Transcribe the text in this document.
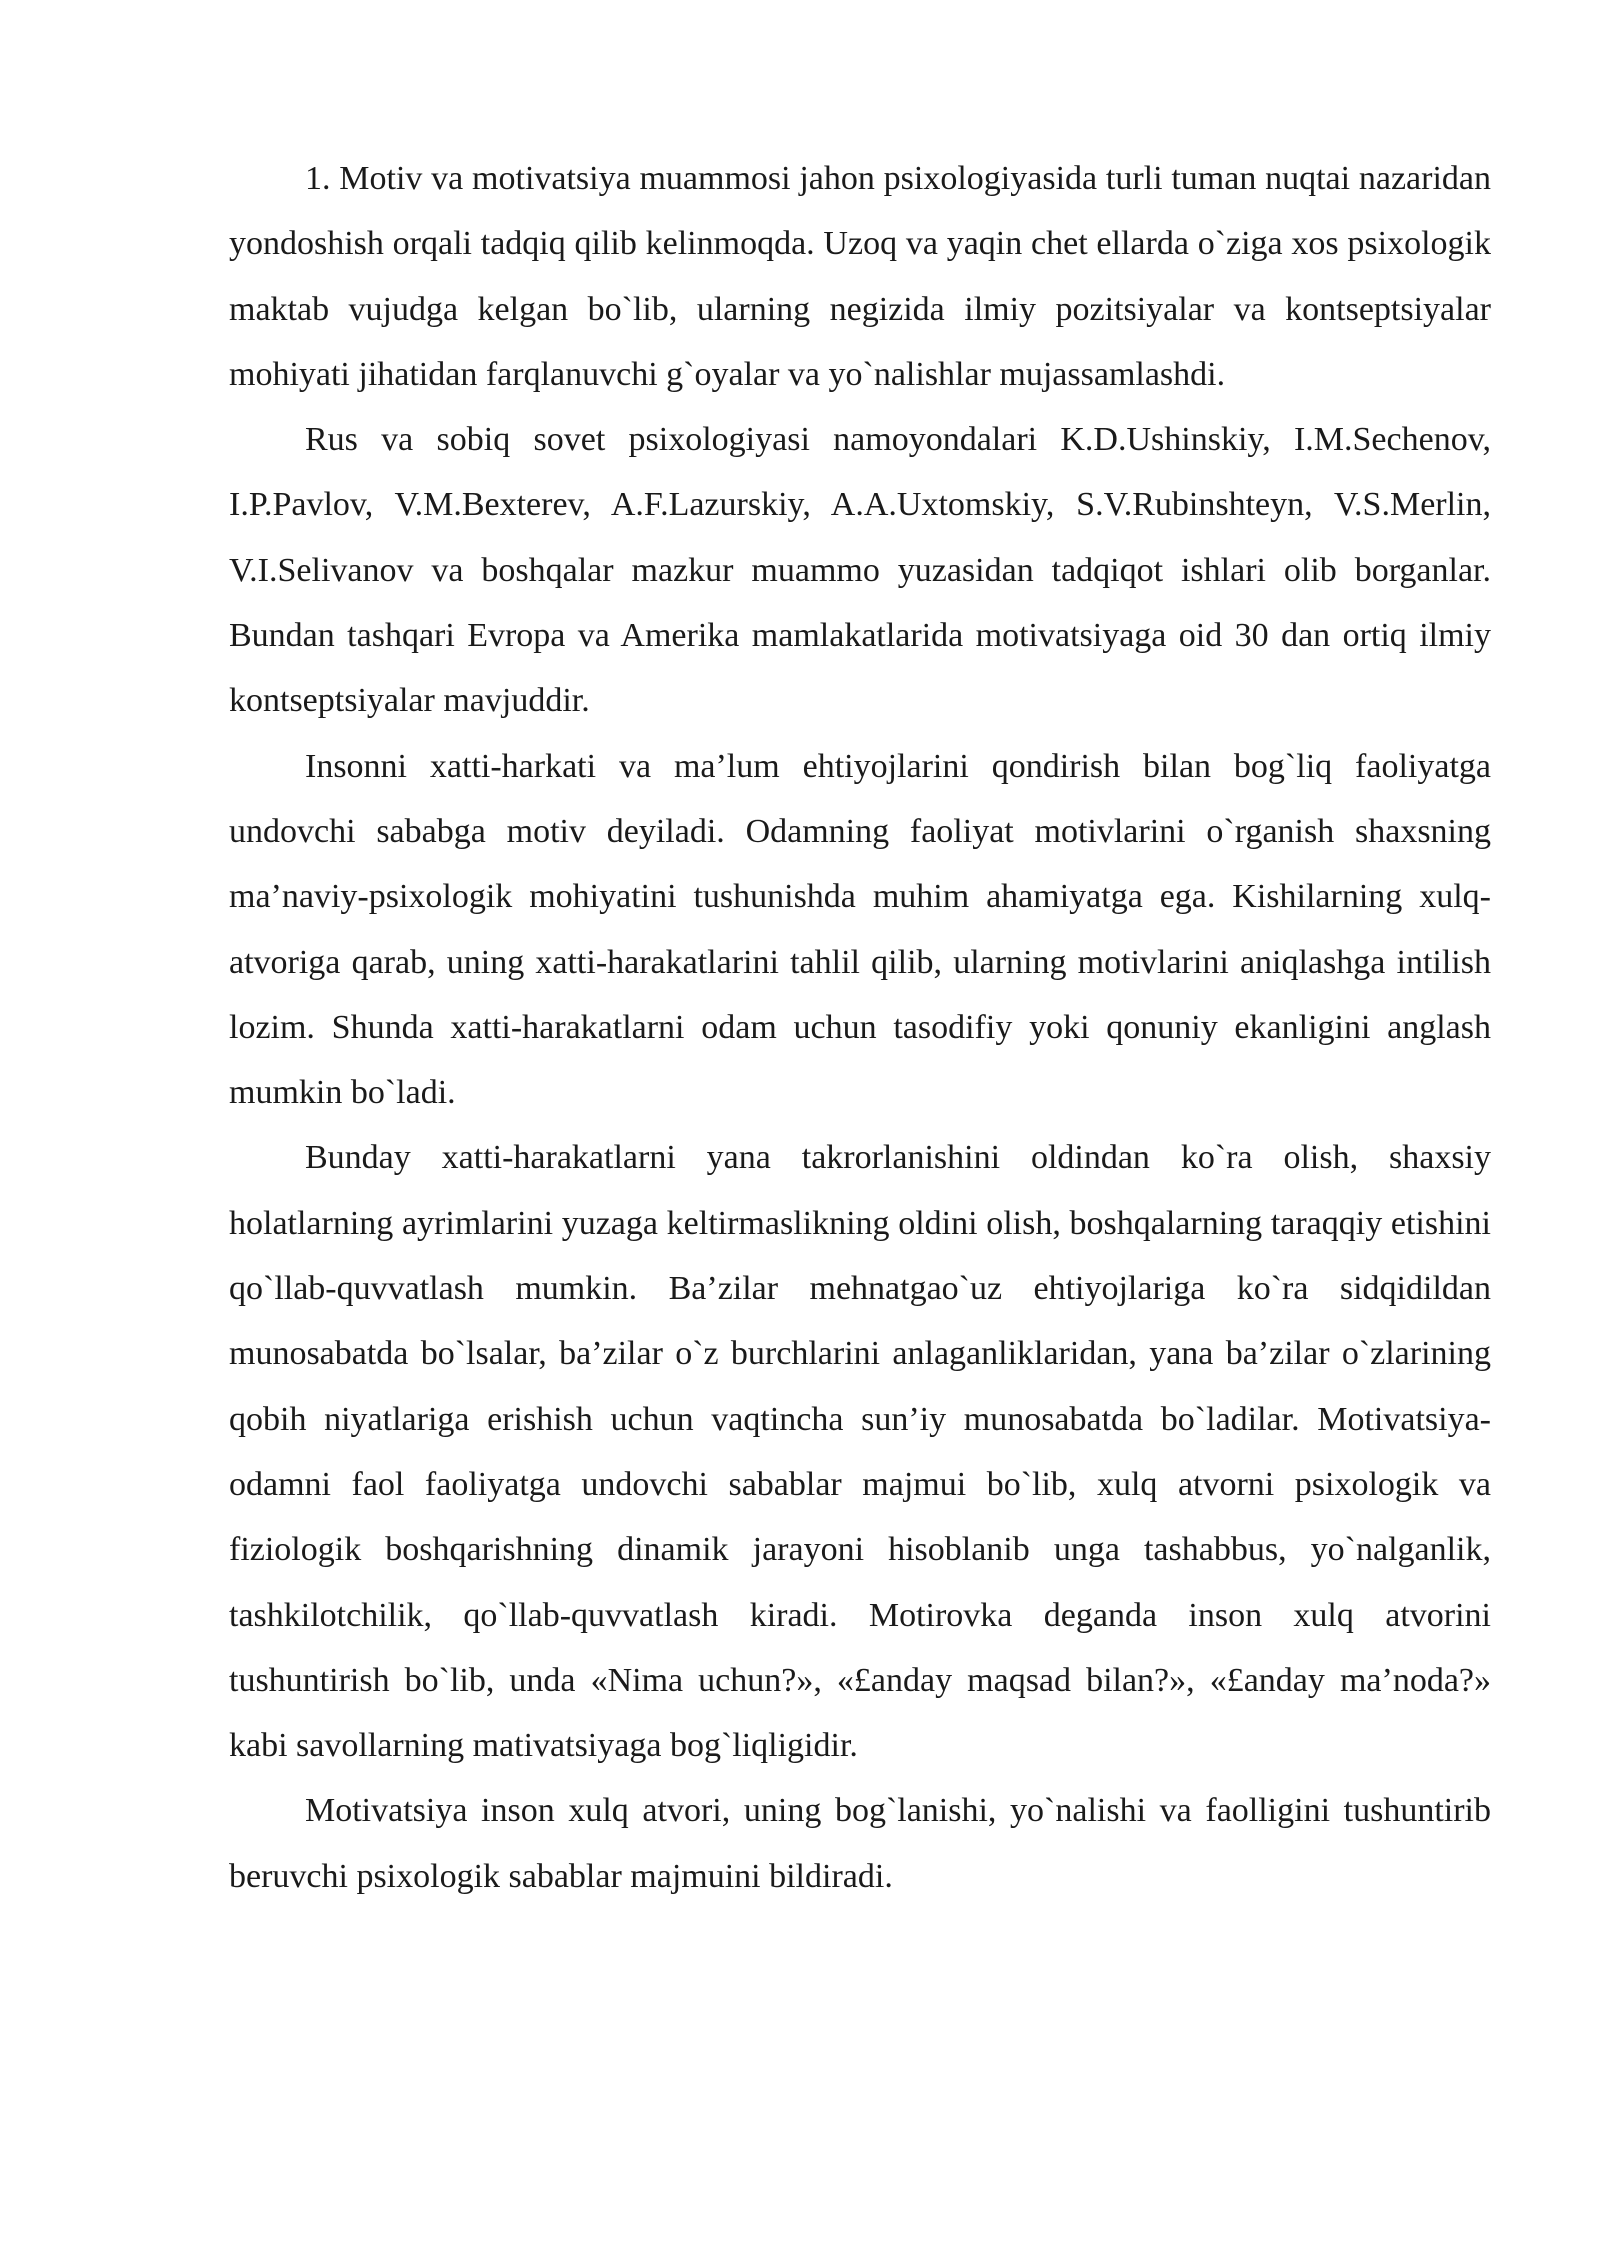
1. Motiv va motivatsiya muammosi jahon psixologiyasida turli tuman nuqtai nazaridan yondoshish orqali tadqiq qilib kelinmoqda. Uzoq va yaqin chet ellarda o`ziga xos psixologik maktab vujudga kelgan bo`lib, ularning negizida ilmiy pozitsiyalar va kontseptsiyalar mohiyati jihatidan farqlanuvchi g`oyalar va yo`nalishlar mujassamlashdi.

Rus va sobiq sovet psixologiyasi namoyondalari K.D.Ushinskiy, I.M.Sechenov, I.P.Pavlov, V.M.Bexterev, A.F.Lazurskiy, A.A.Uxtomskiy, S.V.Rubinshteyn, V.S.Merlin, V.I.Selivanov va boshqalar mazkur muammo yuzasidan tadqiqot ishlari olib borganlar. Bundan tashqari Evropa va Amerika mamlakatlarida motivatsiyaga oid 30 dan ortiq ilmiy kontseptsiyalar mavjuddir.

Insonni xatti-harkati va ma’lum ehtiyojlarini qondirish bilan bog`liq faoliyatga undovchi sababga motiv deyiladi. Odamning faoliyat motivlarini o`rganish shaxsning ma’naviy-psixologik mohiyatini tushunishda muhim ahamiyatga ega. Kishilarning xulq-atvoriga qarab, uning xatti-harakatlarini tahlil qilib, ularning motivlarini aniqlashga intilish lozim. Shunda xatti-harakatlarni odam uchun tasodifiy yoki qonuniy ekanligini anglash mumkin bo`ladi.

Bunday xatti-harakatlarni yana takrorlanishini oldindan ko`ra olish, shaxsiy holatlarning ayrimlarini yuzaga keltirmaslikning oldini olish, boshqalarning taraqqiy etishini qo`llab-quvvatlash mumkin. Ba’zilar mehnatgao`uz ehtiyojlariga ko`ra sidqidildan munosabatda bo`lsalar, ba’zilar o`z burchlarini anlaganliklaridan, yana ba’zilar o`zlarining qobih niyatlariga erishish uchun vaqtincha sun’iy munosabatda bo`ladilar. Motivatsiya- odamni faol faoliyatga undovchi sabablar majmui bo`lib, xulq atvorni psixologik va fiziologik boshqarishning dinamik jarayoni hisoblanib unga tashabbus, yo`nalganlik, tashkilotchilik, qo`llab-quvvatlash kiradi. Motirovka deganda inson xulq atvorini tushuntirish bo`lib, unda «Nima uchun?», «£anday maqsad bilan?», «£anday ma’noda?» kabi savollarning mativatsiyaga bog`liqligidir.

Motivatsiya inson xulq atvori, uning bog`lanishi, yo`nalishi va faolligini tushuntirib beruvchi psixologik sabablar majmuini bildiradi.
